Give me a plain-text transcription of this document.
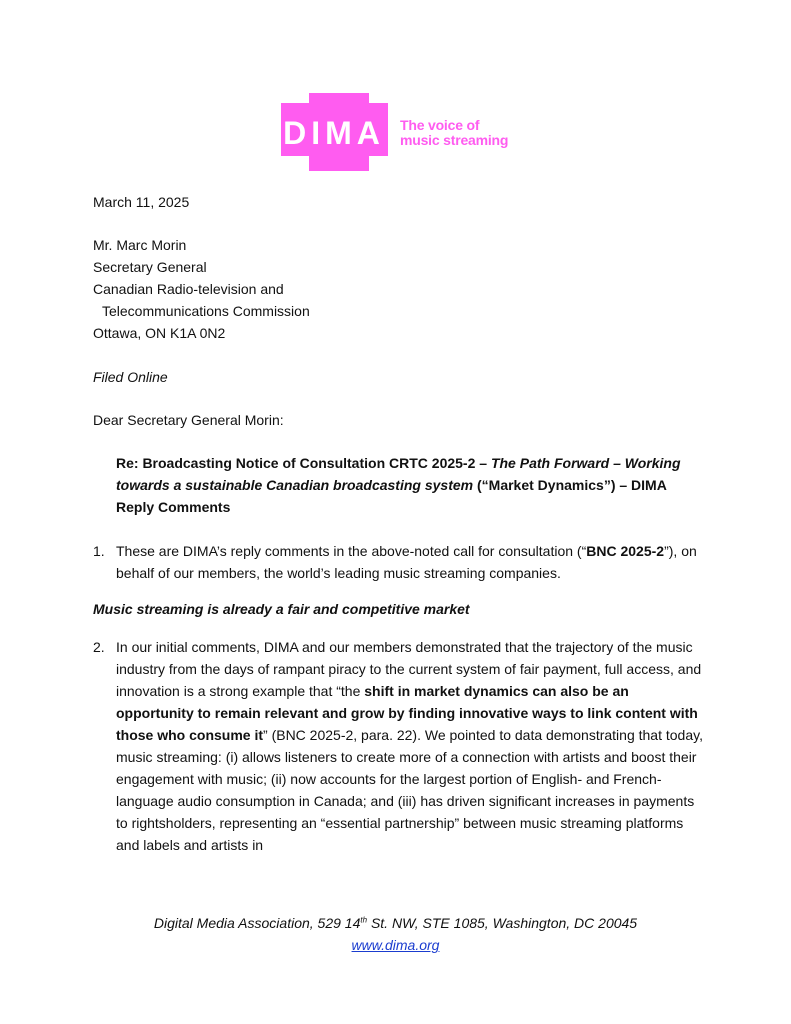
DIMA The voice of
music streaming
March 11, 2025
Mr. Marc Morin
Secretary General
Canadian Radio-television and
Telecommunications Commission
Ottawa, ON K1A 0N2
Filed Online
Dear Secretary General Morin:
Re: Broadcasting Notice of Consultation CRTC 2025-2 – The Path Forward – Working towards a sustainable Canadian broadcasting system (“Market Dynamics”) – DIMA Reply Comments
1. These are DIMA’s reply comments in the above-noted call for consultation (“BNC 2025-2”), on behalf of our members, the world’s leading music streaming companies.
Music streaming is already a fair and competitive market
2. In our initial comments, DIMA and our members demonstrated that the trajectory of the music industry from the days of rampant piracy to the current system of fair payment, full access, and innovation is a strong example that “the shift in market dynamics can also be an opportunity to remain relevant and grow by finding innovative ways to link content with those who consume it” (BNC 2025-2, para. 22). We pointed to data demonstrating that today, music streaming: (i) allows listeners to create more of a connection with artists and boost their engagement with music; (ii) now accounts for the largest portion of English- and French-language audio consumption in Canada; and (iii) has driven significant increases in payments to rightsholders, representing an “essential partnership” between music streaming platforms and labels and artists in
Digital Media Association, 529 14th St. NW, STE 1085, Washington, DC 20045
www.dima.org
